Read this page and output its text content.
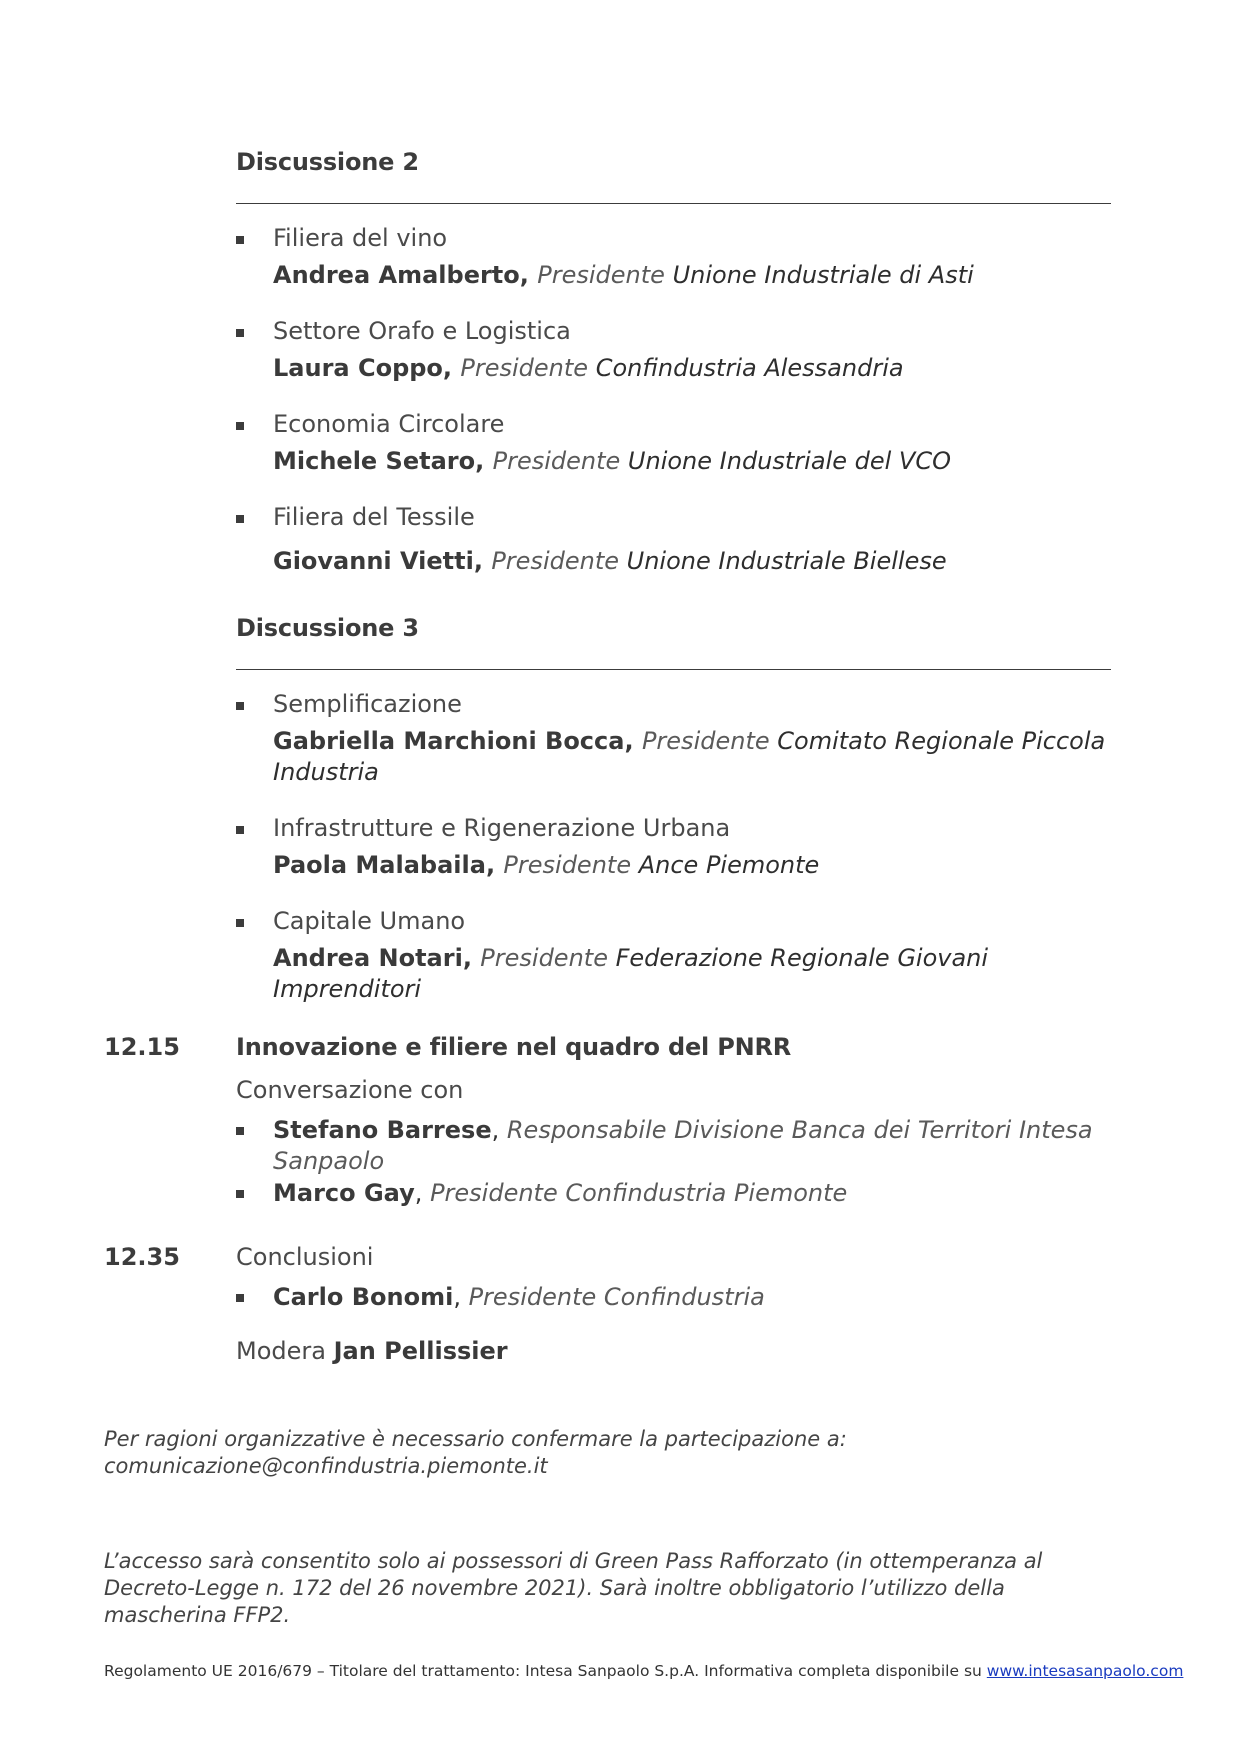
Discussione 2
Filiera del vino
Andrea Amalberto, Presidente Unione Industriale di Asti
Settore Orafo e Logistica
Laura Coppo, Presidente Confindustria Alessandria
Economia Circolare
Michele Setaro, Presidente Unione Industriale del VCO
Filiera del Tessile
Giovanni Vietti, Presidente Unione Industriale Biellese
Discussione 3
Semplificazione
Gabriella Marchioni Bocca, Presidente Comitato Regionale Piccola Industria
Infrastrutture e Rigenerazione Urbana
Paola Malabaila, Presidente Ance Piemonte
Capitale Umano
Andrea Notari, Presidente Federazione Regionale Giovani Imprenditori
12.15 Innovazione e filiere nel quadro del PNRR
Conversazione con
Stefano Barrese, Responsabile Divisione Banca dei Territori Intesa Sanpaolo
Marco Gay, Presidente Confindustria Piemonte
12.35 Conclusioni
Carlo Bonomi, Presidente Confindustria
Modera Jan Pellissier
Per ragioni organizzative è necessario confermare la partecipazione a: comunicazione@confindustria.piemonte.it
L’accesso sarà consentito solo ai possessori di Green Pass Rafforzato (in ottemperanza al Decreto-Legge n. 172 del 26 novembre 2021). Sarà inoltre obbligatorio l’utilizzo della mascherina FFP2.
Regolamento UE 2016/679 – Titolare del trattamento: Intesa Sanpaolo S.p.A. Informativa completa disponibile su www.intesasanpaolo.com
